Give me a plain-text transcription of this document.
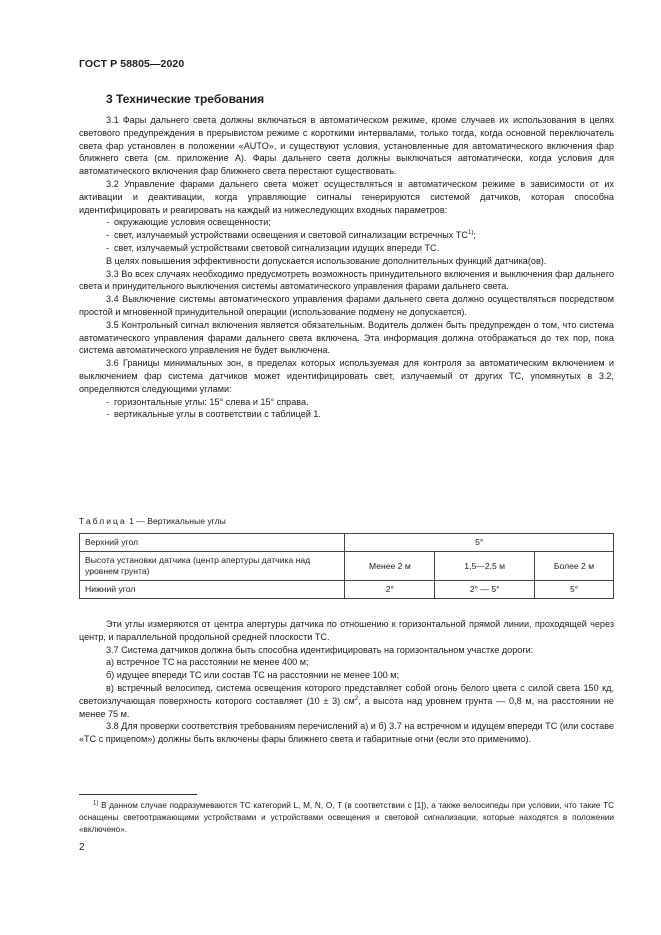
ГОСТ Р 58805—2020
3 Технические требования

3.1 Фары дальнего света должны включаться в автоматическом режиме, кроме случаев их использования в целях светового предупреждения в прерывистом режиме с короткими интервалами, только тогда, когда основной переключатель света фар установлен в положении «AUTO», и существуют условия, установленные для автоматического включения фар ближнего света (см. приложение А). Фары дальнего света должны выключаться автоматически, когда условия для автоматического включения фар ближнего света перестают существовать.

3.2 Управление фарами дальнего света может осуществляться в автоматическом режиме в зависимости от их активации и деактивации, когда управляющие сигналы генерируются системой датчиков, которая способна идентифицировать и реагировать на каждый из нижеследующих входных параметров:

- окружающие условия освещенности;

- свет, излучаемый устройствами освещения и световой сигнализации встречных ТС$^{1)}$;

- свет, излучаемый устройствами световой сигнализации идущих впереди ТС.

В целях повышения эффективности допускается использование дополнительных функций датчика(ов).

3.3 Во всех случаях необходимо предусмотреть возможность принудительного включения и выключения фар дальнего света и принудительного выключения системы автоматического управления фарами дальнего света.

3.4 Выключение системы автоматического управления фарами дальнего света должно осуществляться посредством простой и мгновенной принудительной операции (использование подмену не допускается).

3.5 Контрольный сигнал включения является обязательным. Водитель должен быть предупрежден о том, что система автоматического управления фарами дальнего света включена. Эта информация должна отображаться до тех пор, пока система автоматического управления не будет выключена.

3.6 Границы минимальных зон, в пределах которых используемая для контроля за автоматическим включением и выключением фар система датчиков может идентифицировать свет, излучаемый от других ТС, упомянутых в 3.2, определяются следующими углами:

- горизонтальные углы: 15° слева и 15° справа.

- вертикальные углы в соответствии с таблицей 1.

Таблица 1 — Вертикальные углы
Верхний угол	5°		
Высота установки датчика (центр апертуры датчика над уровнем грунта)	Менее 2 м	1,5—2,5 м	Более 2 м
Нижний угол	2°	2° — 5°	5°

Эти углы измеряются от центра апертуры датчика по отношению к горизонтальной прямой линии, проходящей через центр, и параллельной продольной средней плоскости ТС.

3.7 Система датчиков должна быть способна идентифицировать на горизонтальном участке дороги:

а) встречное ТС на расстоянии не менее 400 м;

б) идущее впереди ТС или состав ТС на расстоянии не менее 100 м;

в) встречный велосипед, система освещения которого представляет собой огонь белого цвета с силой света 150 кд, светоизлучающая поверхность которого составляет (10 ± 3) $см^2$, а высота над уровнем грунта — 0,8 м, на расстоянии не менее 75 м.

3.8 Для проверки соответствия требованиям перечислений а) и б) 3.7 на встречном и идущем впереди ТС (или составе «ТС с прицепом») должны быть включены фары ближнего света и габаритные огни (если это применимо).

$^{1)}$ В данном случае подразумеваются ТС категорий L, M, N, O, T (в соответствии с [1]), а также велосипеды при условии, что такие ТС оснащены светоотражающими устройствами и устройствами освещения и световой сигнализации, которые находятся в положении «включено».

2
